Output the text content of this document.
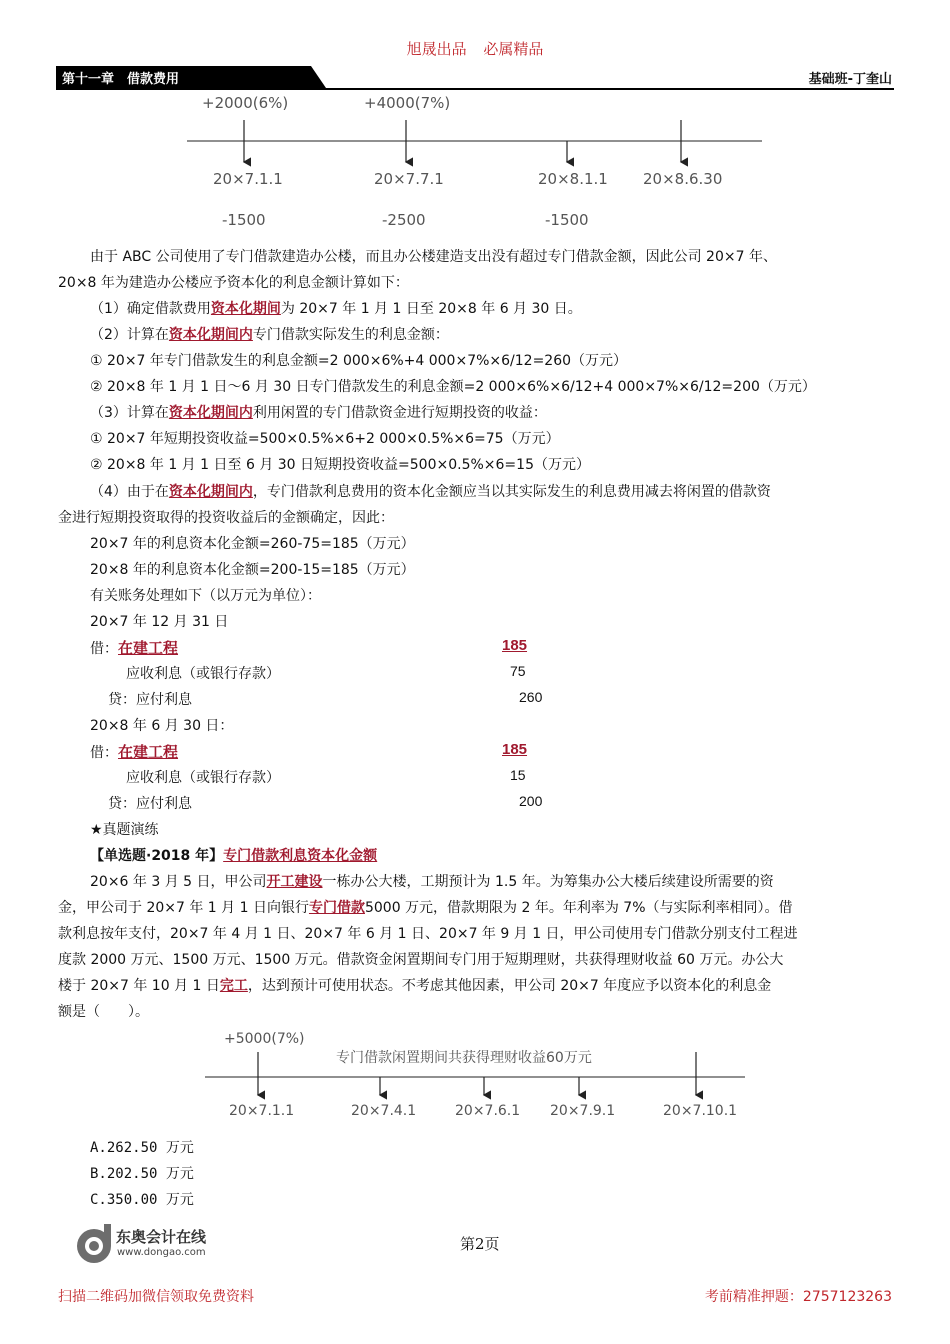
旭晟出品 必属精品
第十一章　借款费用	基础班-丁奎山
+2000(6%)	+4000(7%)
20×7.1.1	20×7.7.1	20×8.1.1 20×8.6.30
-1500	-2500	-1500
由于 ABC 公司使用了专门借款建造办公楼，而且办公楼建造支出没有超过专门借款金额，因此公司 20×7 年、
20×8 年为建造办公楼应予资本化的利息金额计算如下：
（1）确定借款费用资本化期间为 20×7 年 1 月 1 日至 20×8 年 6 月 30 日。
（2）计算在资本化期间内专门借款实际发生的利息金额：
① 20×7 年专门借款发生的利息金额=2 000×6%+4 000×7%×6/12=260（万元）
② 20×8 年 1 月 1 日～6 月 30 日专门借款发生的利息金额=2 000×6%×6/12+4 000×7%×6/12=200（万元）
（3）计算在资本化期间内利用闲置的专门借款资金进行短期投资的收益：
① 20×7 年短期投资收益=500×0.5%×6+2 000×0.5%×6=75（万元）
② 20×8 年 1 月 1 日至 6 月 30 日短期投资收益=500×0.5%×6=15（万元）
（4）由于在资本化期间内，专门借款利息费用的资本化金额应当以其实际发生的利息费用减去将闲置的借款资
金进行短期投资取得的投资收益后的金额确定，因此：
20×7 年的利息资本化金额=260-75=185（万元）
20×8 年的利息资本化金额=200-15=185（万元）
有关账务处理如下（以万元为单位）：
20×7 年 12 月 31 日
借：在建工程	185
应收利息（或银行存款）	75
贷：应付利息	260
20×8 年 6 月 30 日：
借：在建工程	185
应收利息（或银行存款）	15
贷：应付利息	200
★真题演练
【单选题·2018 年】专门借款利息资本化金额
20×6 年 3 月 5 日，甲公司开工建设一栋办公大楼，工期预计为 1.5 年。为筹集办公大楼后续建设所需要的资
金，甲公司于 20×7 年 1 月 1 日向银行专门借款5000 万元，借款期限为 2 年。年利率为 7%（与实际利率相同）。借
款利息按年支付，20×7 年 4 月 1 日、20×7 年 6 月 1 日、20×7 年 9 月 1 日，甲公司使用专门借款分别支付工程进
度款 2000 万元、1500 万元、1500 万元。借款资金闲置期间专门用于短期理财，共获得理财收益 60 万元。办公大
楼于 20×7 年 10 月 1 日完工，达到预计可使用状态。不考虑其他因素，甲公司 20×7 年度应予以资本化的利息金
额是（　　）。
+5000(7%)
专门借款闲置期间共获得理财收益60万元
20×7.1.1	20×7.4.1	20×7.6.1 20×7.9.1	20×7.10.1
A.262.50 万元
B.202.50 万元
C.350.00 万元
东奥会计在线
www.dongao.com	第2页
扫描二维码加微信领取免费资料	考前精准押题：2757123263
